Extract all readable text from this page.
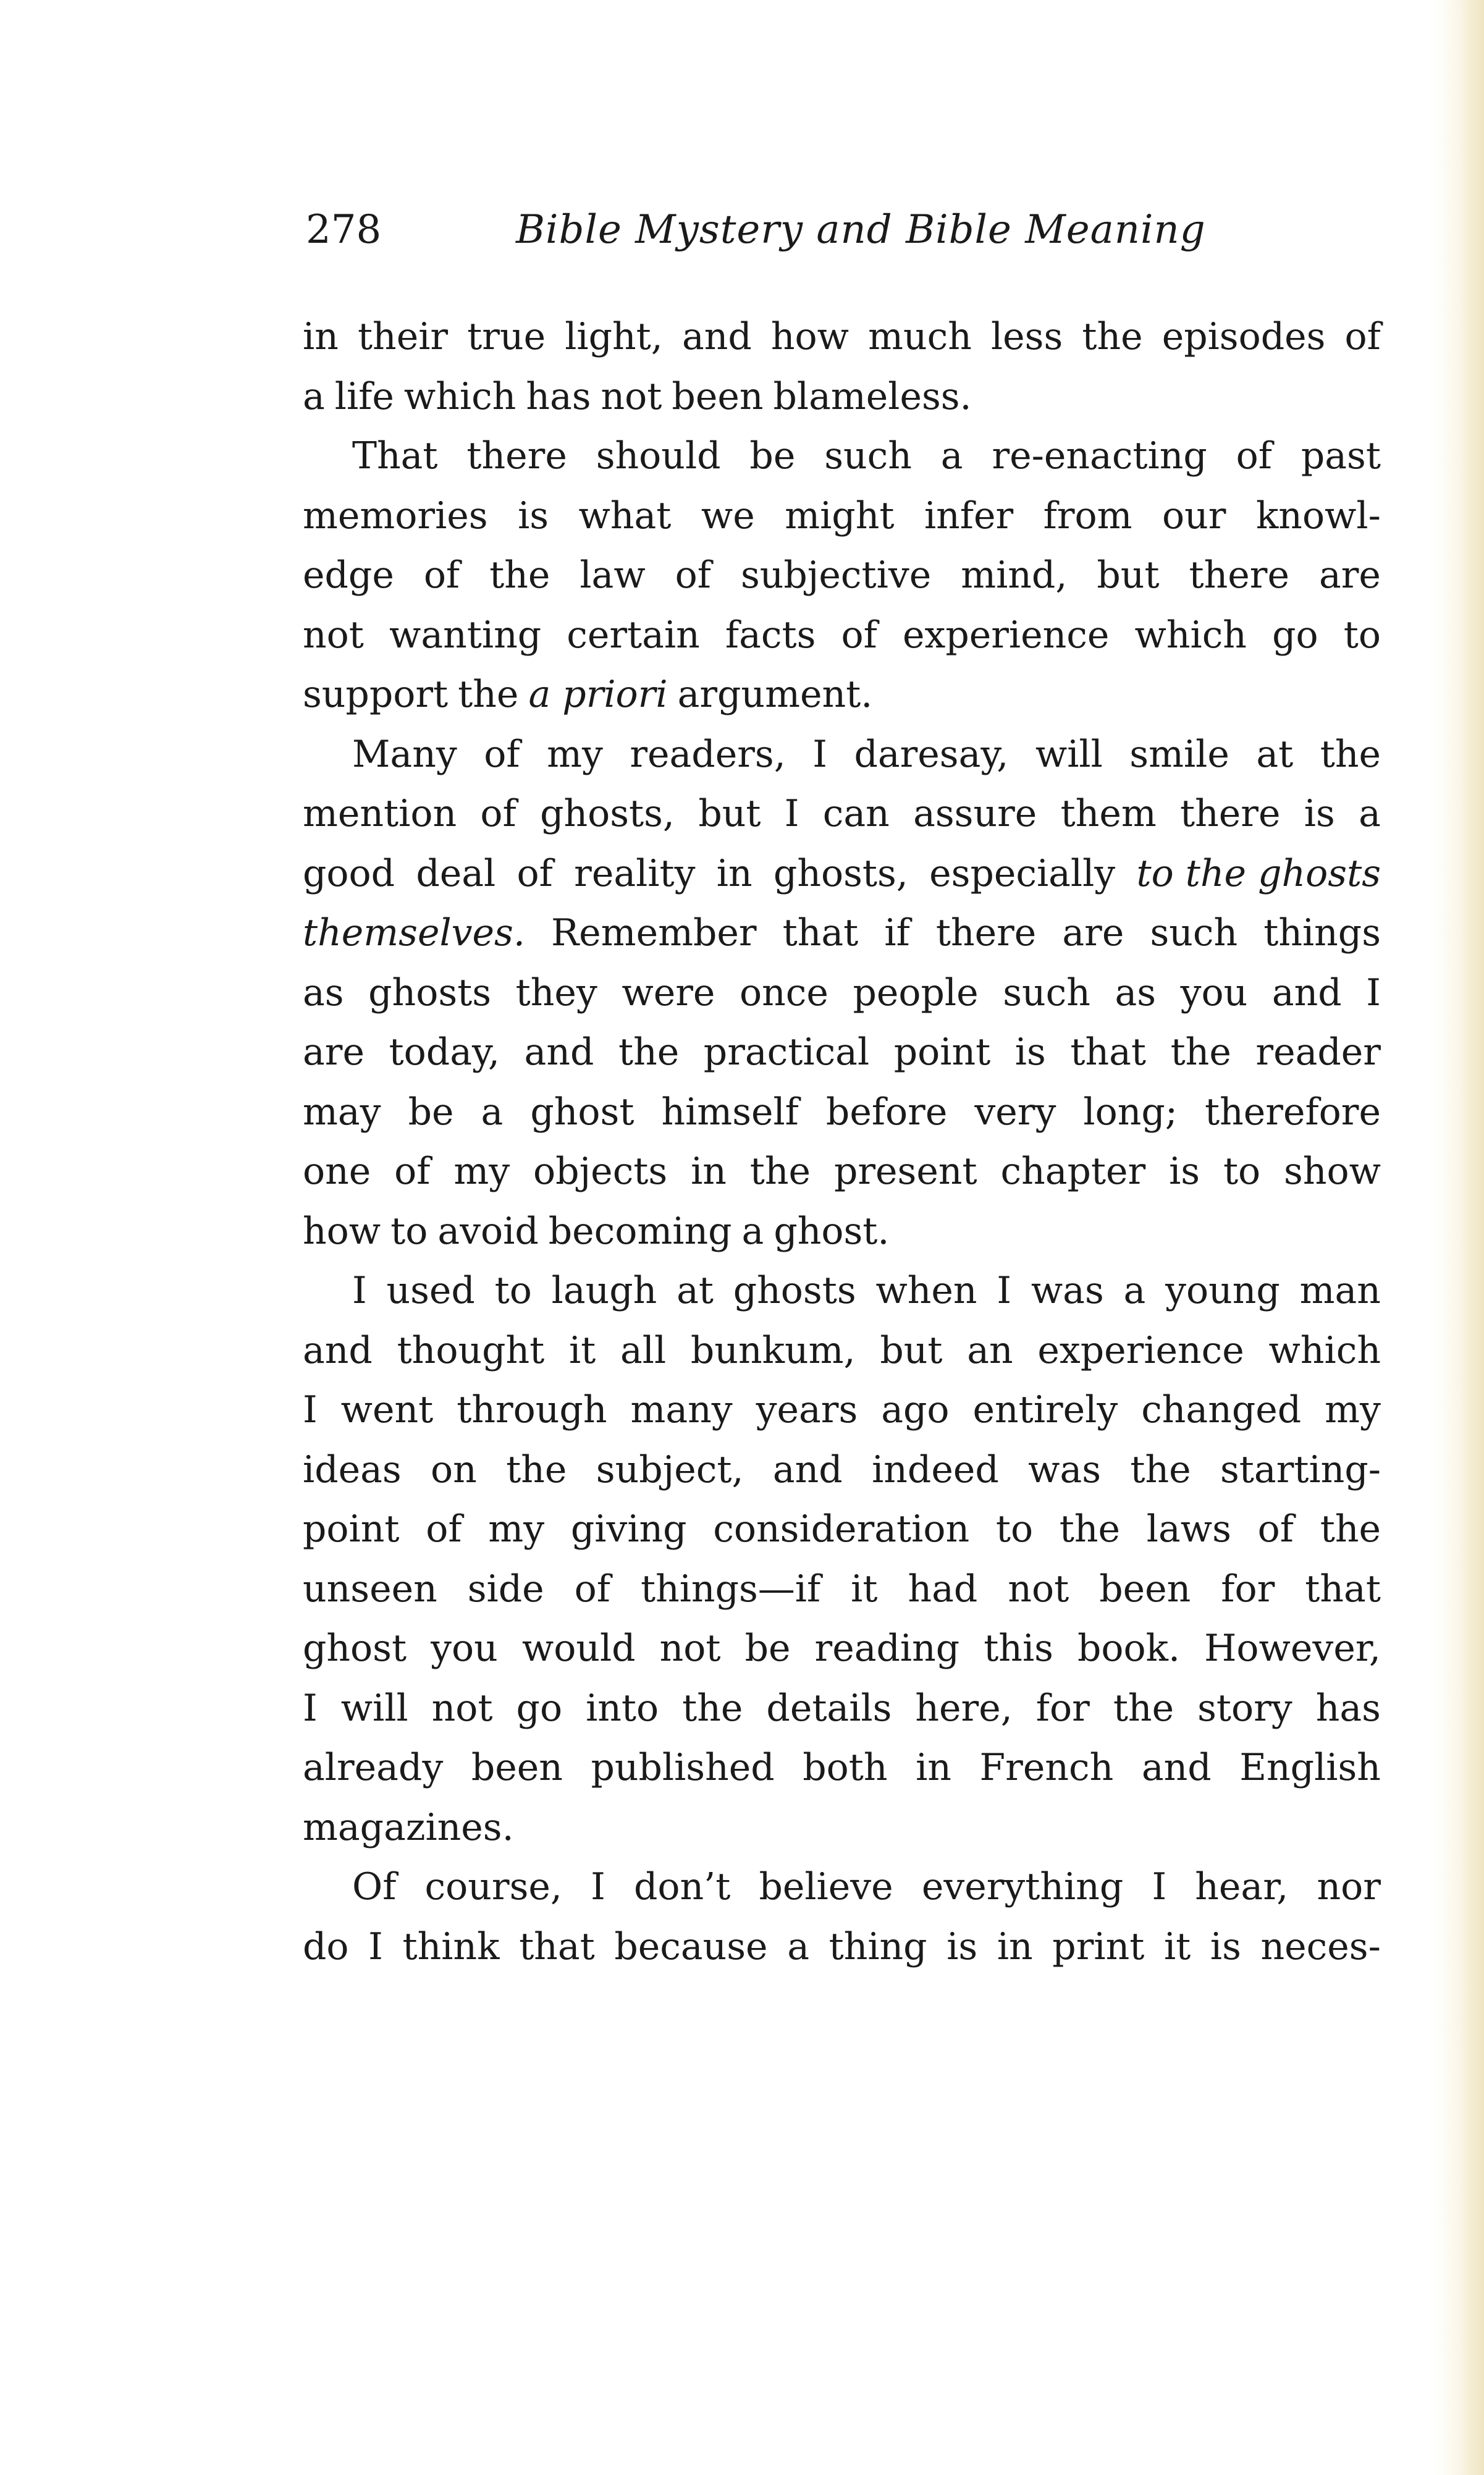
278	Bible Mystery and Bible Meaning
in their true light, and how much less the episodes of
a life which has not been blameless.
That there should be such a re-enacting of past
memories is what we might infer from our knowl-
edge of the law of subjective mind, but there are
not wanting certain facts of experience which go to
support the a priori argument.
Many of my readers, I daresay, will smile at the
mention of ghosts, but I can assure them there is a
good deal of reality in ghosts, especially to the ghosts
themselves. Remember that if there are such things
as ghosts they were once people such as you and I
are today, and the practical point is that the reader
may be a ghost himself before very long; therefore
one of my objects in the present chapter is to show
how to avoid becoming a ghost.
I used to laugh at ghosts when I was a young man
and thought it all bunkum, but an experience which
I went through many years ago entirely changed my
ideas on the subject, and indeed was the starting-
point of my giving consideration to the laws of the
unseen side of things—if it had not been for that
ghost you would not be reading this book. However,
I will not go into the details here, for the story has
already been published both in French and English
magazines.
Of course, I don’t believe everything I hear, nor
do I think that because a thing is in print it is neces-
